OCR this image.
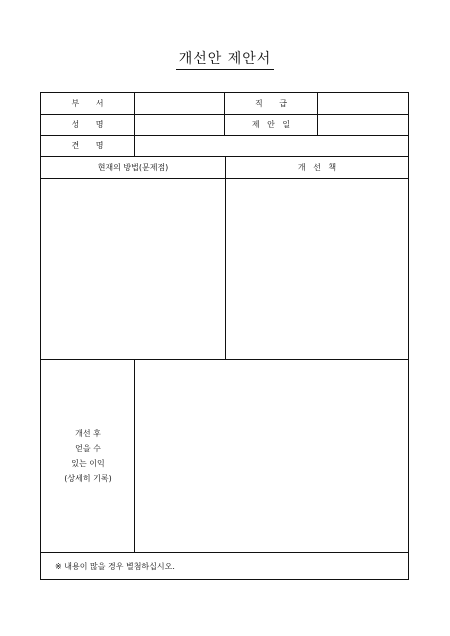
개선안 제안서
부 서	직 급
성 명	제 안 일
견 명
현재의 방법(문제점)	개 선 책
개선 후
얻을 수
있는 이익
(상세히 기록)
※ 내용이 많을 경우 별첨하십시오.
